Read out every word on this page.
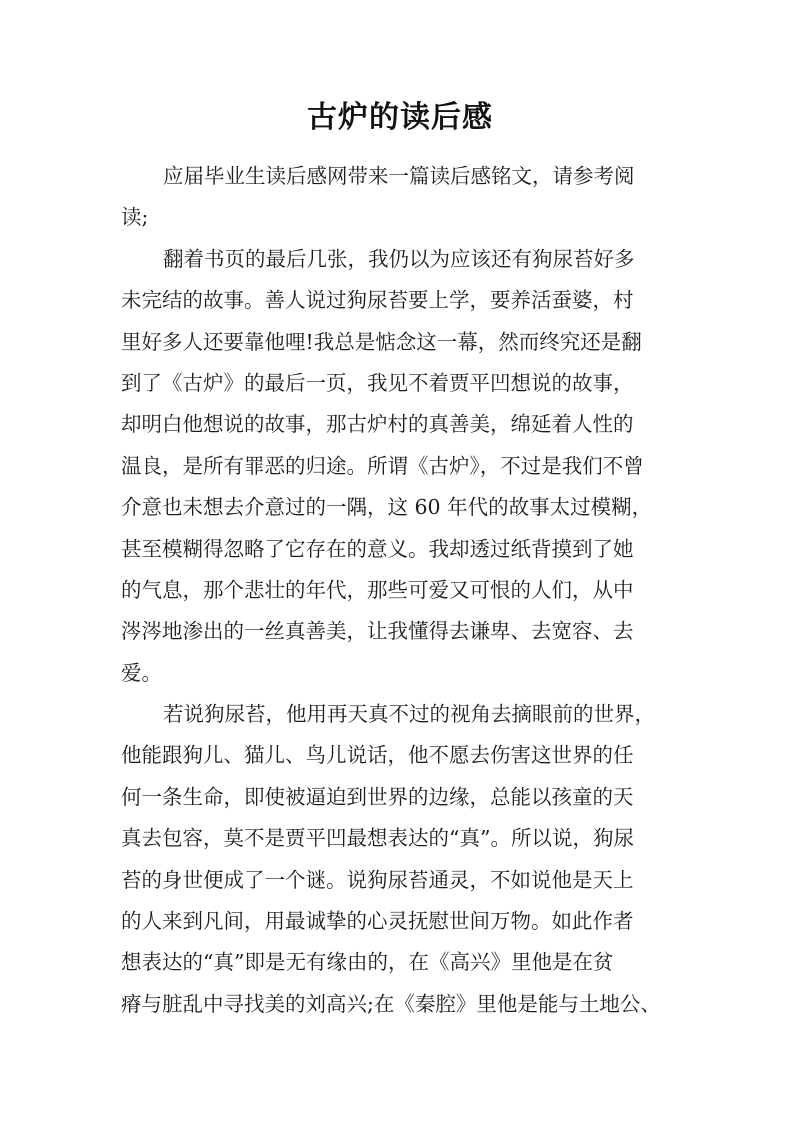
古炉的读后感
应届毕业生读后感网带来一篇读后感铭文，请参考阅
读;
翻着书页的最后几张，我仍以为应该还有狗尿苔好多
未完结的故事。善人说过狗尿苔要上学，要养活蚕婆，村
里好多人还要靠他哩!我总是惦念这一幕，然而终究还是翻
到了《古炉》的最后一页，我见不着贾平凹想说的故事，
却明白他想说的故事，那古炉村的真善美，绵延着人性的
温良，是所有罪恶的归途。所谓《古炉》，不过是我们不曾
介意也未想去介意过的一隅，这 60 年代的故事太过模糊，
甚至模糊得忽略了它存在的意义。我却透过纸背摸到了她
的气息，那个悲壮的年代，那些可爱又可恨的人们，从中
涔涔地渗出的一丝真善美，让我懂得去谦卑、去宽容、去
爱。
若说狗尿苔，他用再天真不过的视角去摘眼前的世界，
他能跟狗儿、猫儿、鸟儿说话，他不愿去伤害这世界的任
何一条生命，即使被逼迫到世界的边缘，总能以孩童的天
真去包容，莫不是贾平凹最想表达的“真”。所以说，狗尿
苔的身世便成了一个谜。说狗尿苔通灵，不如说他是天上
的人来到凡间，用最诚挚的心灵抚慰世间万物。如此作者
想表达的“真”即是无有缘由的，在《高兴》里他是在贫
瘠与脏乱中寻找美的刘高兴;在《秦腔》里他是能与土地公、
